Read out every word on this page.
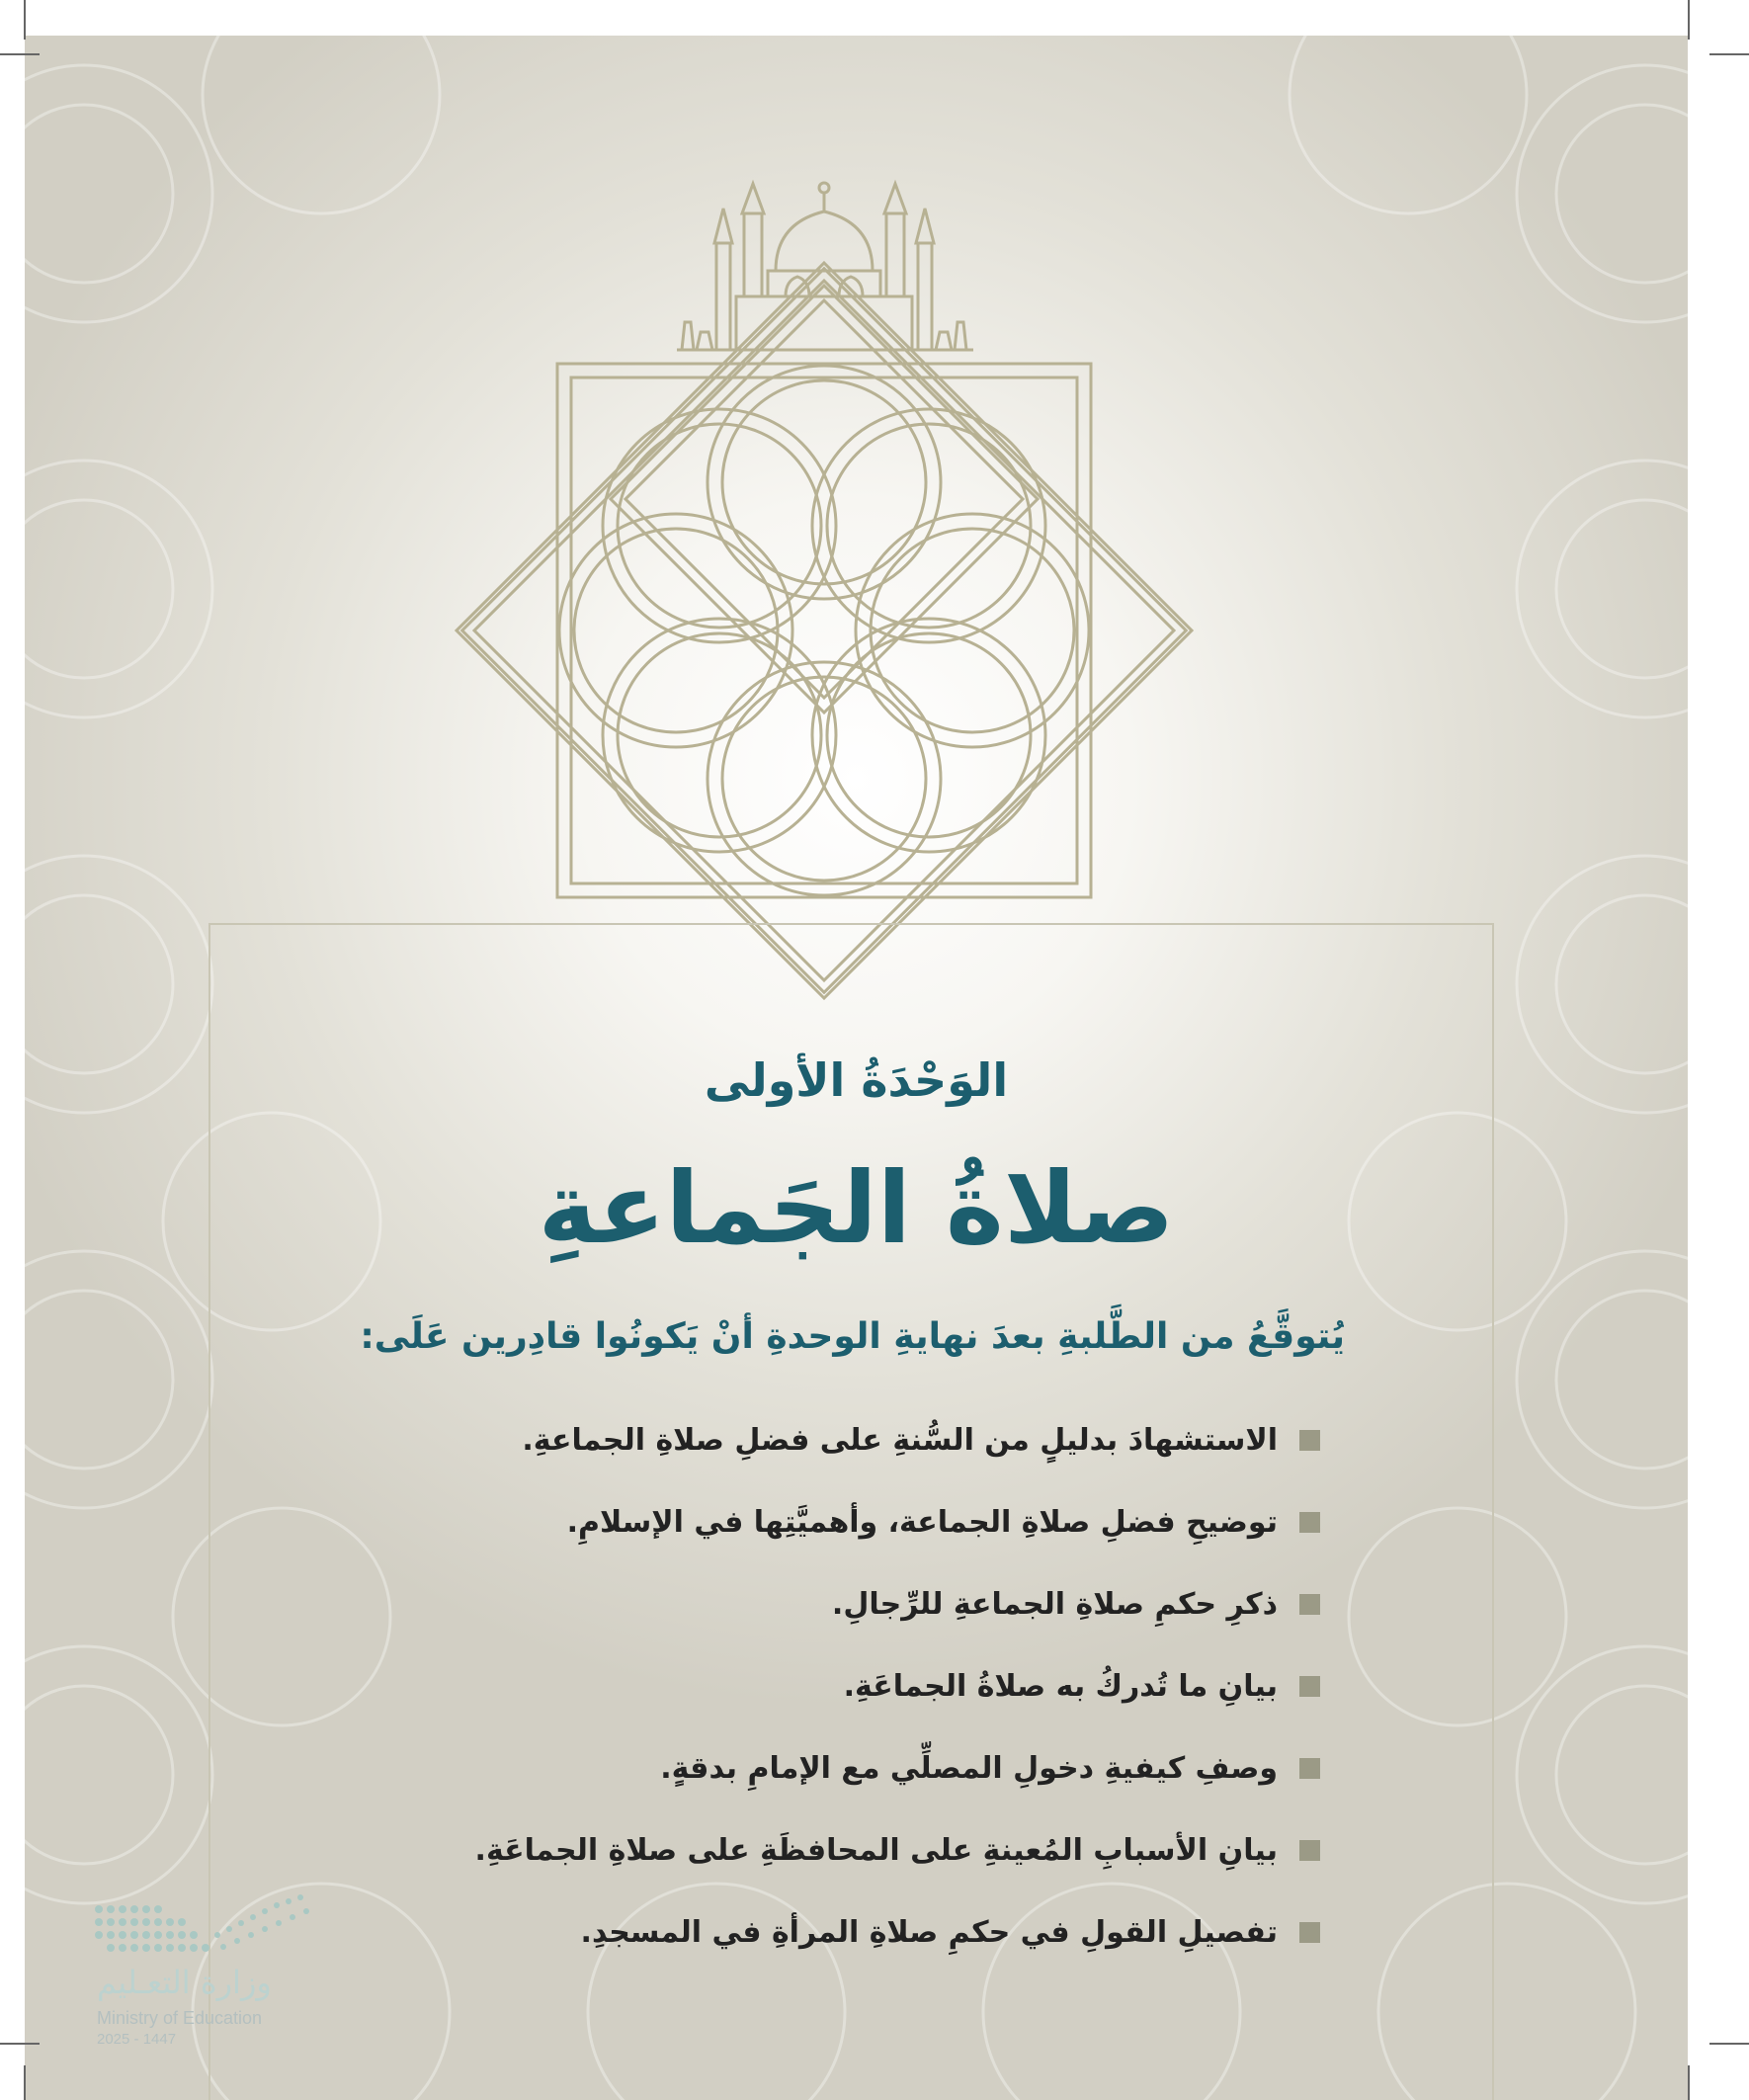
الوَحْدَةُ الأولى
صلاةُ الجَماعةِ
يُتوقَّعُ من الطَّلبةِ بعدَ نهايةِ الوحدةِ أنْ يَكونُوا قادِرين عَلَى:
الاستشهادَ بدليلٍ من السُّنةِ على فضلِ صلاةِ الجماعةِ.
توضيحِ فضلِ صلاةِ الجماعة، وأهميَّتِها في الإسلامِ.
ذكرِ حكمِ صلاةِ الجماعةِ للرِّجالِ.
بيانِ ما تُدركُ به صلاةُ الجماعَةِ.
وصفِ كيفيةِ دخولِ المصلِّي مع الإمامِ بدقةٍ.
بيانِ الأسبابِ المُعينةِ على المحافظَةِ على صلاةِ الجماعَةِ.
تفصيلِ القولِ في حكمِ صلاةِ المرأةِ في المسجدِ.
وزارة التعـليم
Ministry of Education
2025 - 1447
